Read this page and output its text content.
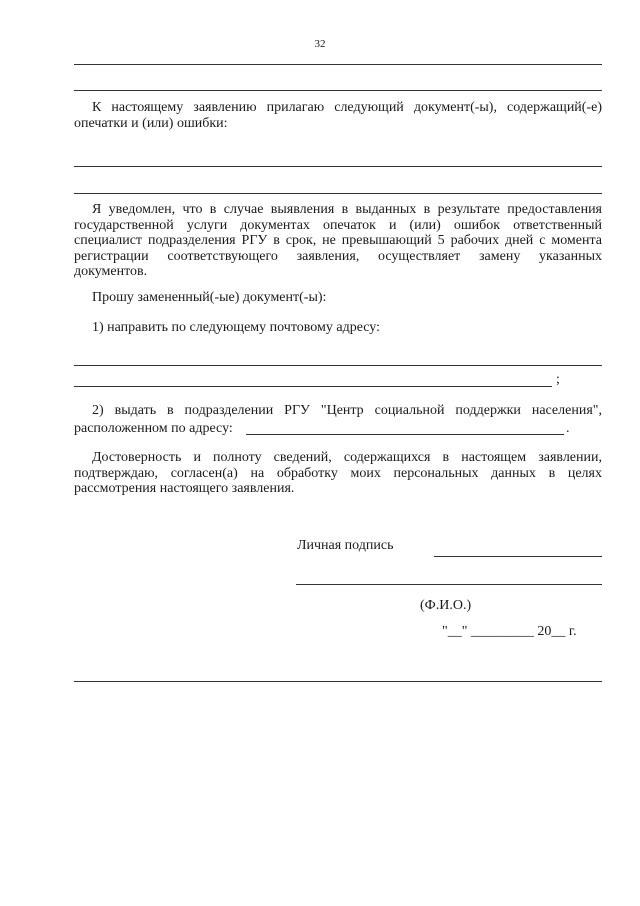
32
К настоящему заявлению прилагаю следующий документ(-ы), содержащий(-е) опечатки и (или) ошибки:
Я уведомлен, что в случае выявления в выданных в результате предоставления государственной услуги документах опечаток и (или) ошибок ответственный специалист подразделения РГУ в срок, не превышающий 5 рабочих дней с момента регистрации соответствующего заявления, осуществляет замену указанных документов.
Прошу замененный(-ые) документ(-ы):
1) направить по следующему почтовому адресу:
;
2) выдать в подразделении РГУ "Центр социальной поддержки населения",
расположенном по адресу:	.
Достоверность и полноту сведений, содержащихся в настоящем заявлении, подтверждаю, согласен(а) на обработку моих персональных данных в целях рассмотрения настоящего заявления.
Личная подпись
(Ф.И.О.)
"__" _________ 20__ г.
